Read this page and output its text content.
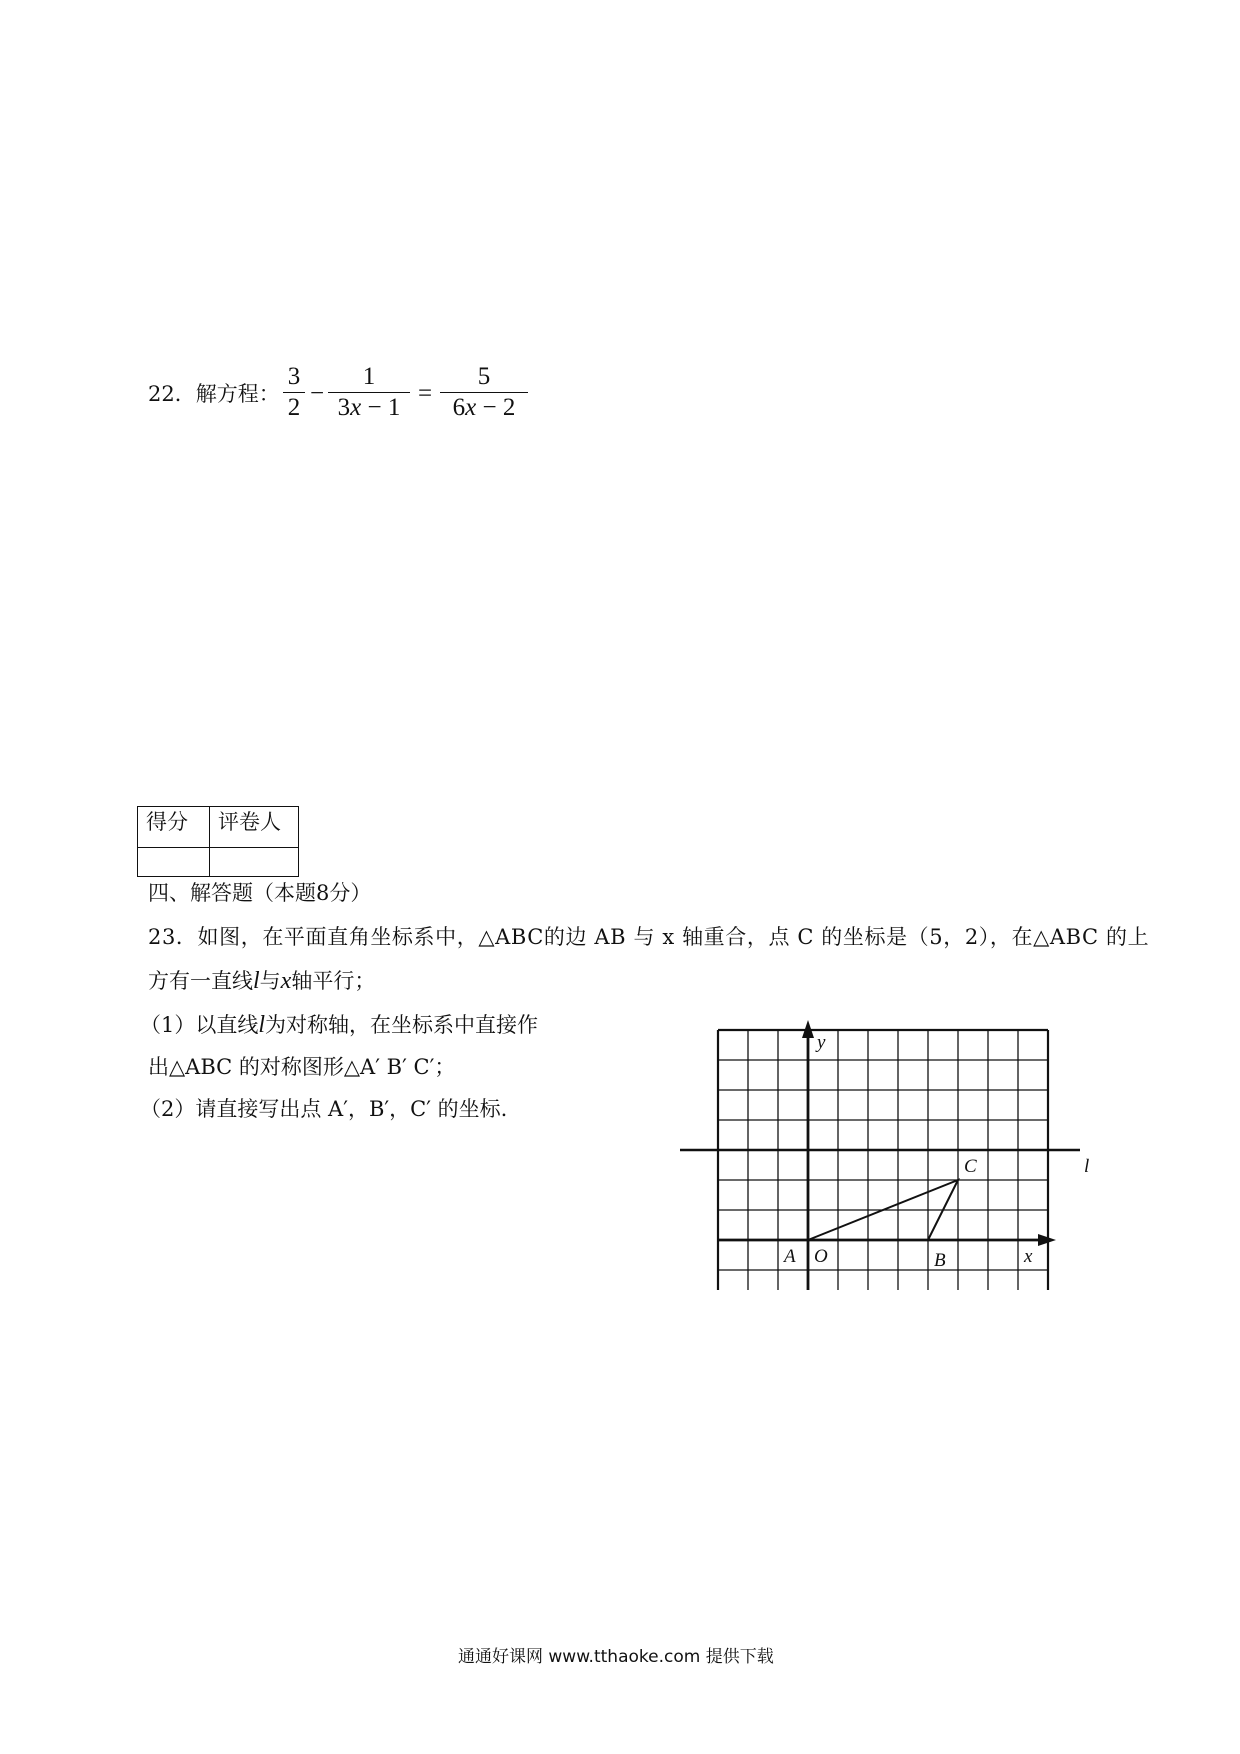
22．解方程：
3
2
−
1
3x − 1
=
5
6x − 2
得分	评卷人

四、解答题（本题8分）
23．如图，在平面直角坐标系中，△ABC的边 AB 与 x 轴重合，点 C 的坐标是（5，2），在△ABC 的上
方有一直线l与x轴平行；
（1）以直线l为对称轴，在坐标系中直接作
出△ABC 的对称图形△A′ B′ C′；
（2）请直接写出点 A′，B′，C′ 的坐标.
y
x
l
A O	B
C
通通好课网 www.tthaoke.com 提供下载
